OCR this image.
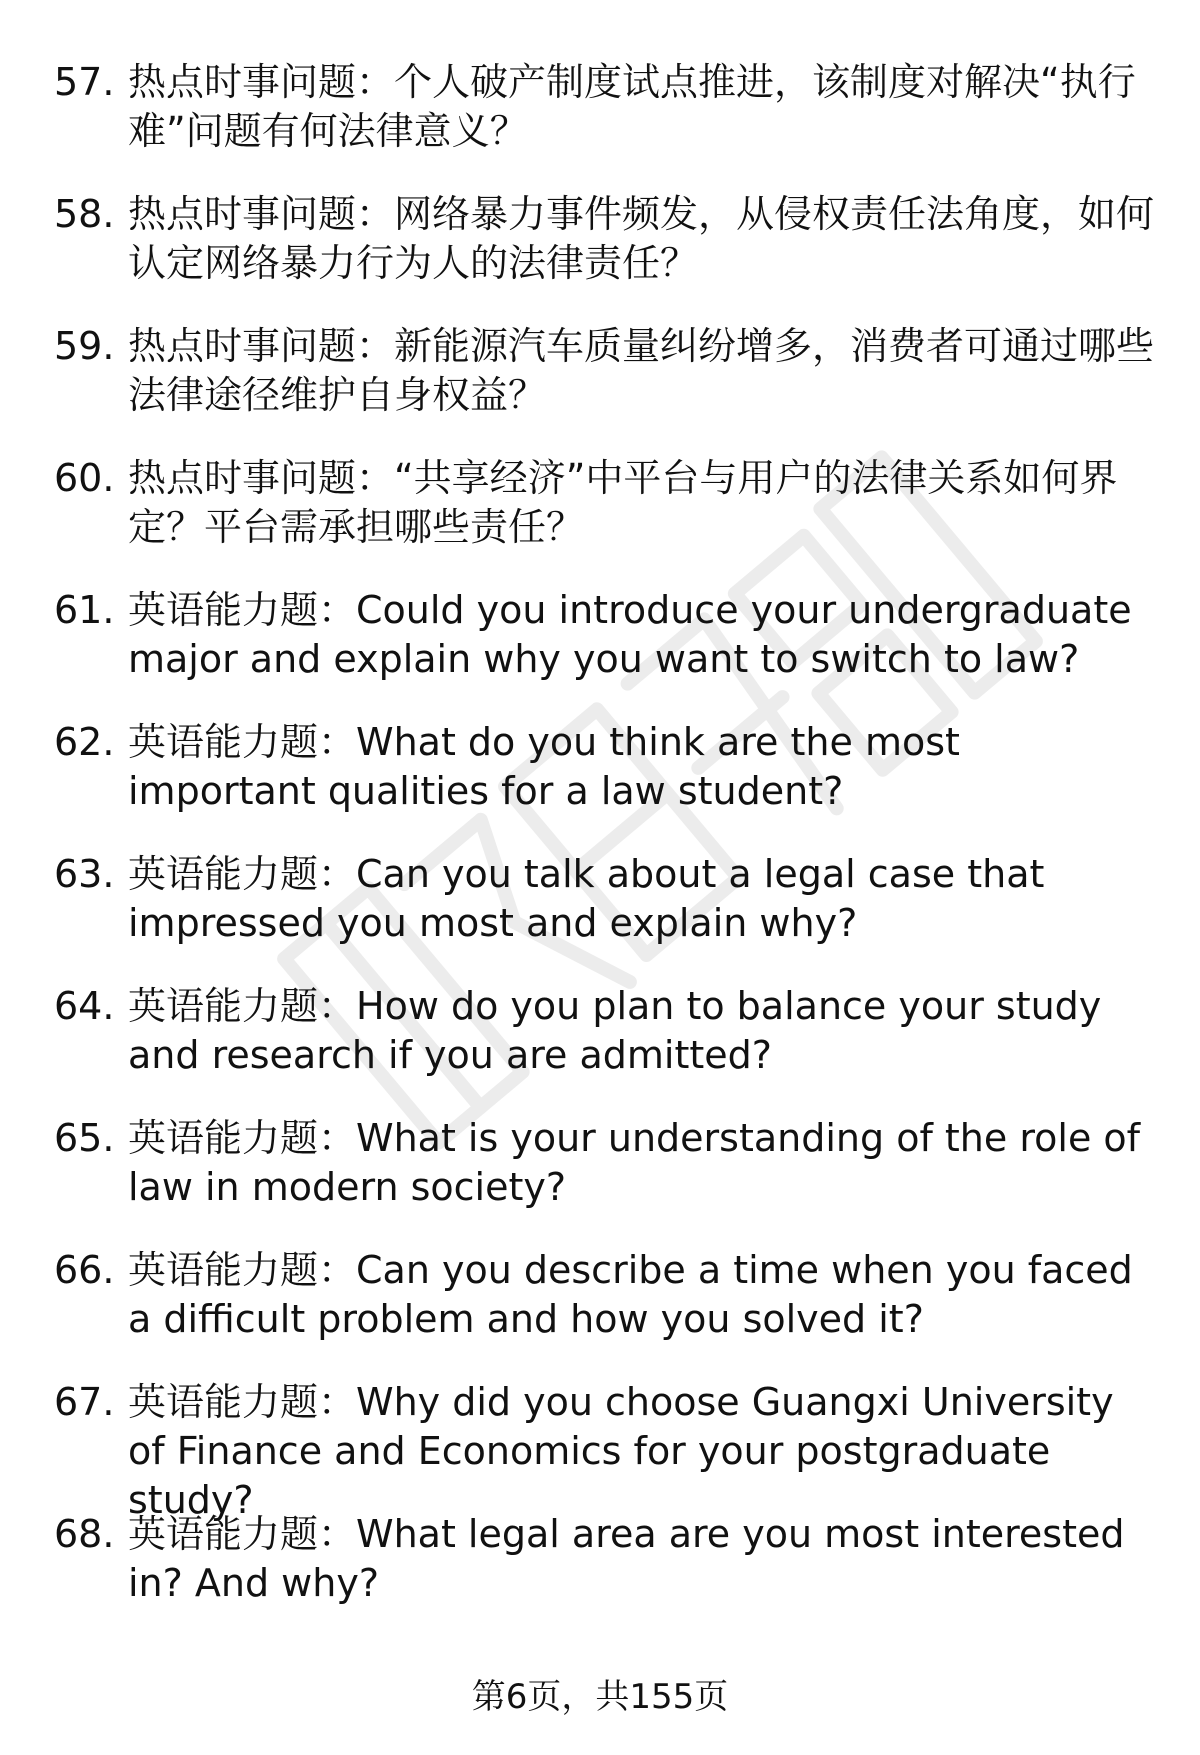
57. 热点时事问题：个人破产制度试点推进，该制度对解决“执行难”问题有何法律意义？
58. 热点时事问题：网络暴力事件频发，从侵权责任法角度，如何认定网络暴力行为人的法律责任？
59. 热点时事问题：新能源汽车质量纠纷增多，消费者可通过哪些法律途径维护自身权益？
60. 热点时事问题：“共享经济”中平台与用户的法律关系如何界定？平台需承担哪些责任？
61. 英语能力题：Could you introduce your undergraduate major and explain why you want to switch to law?
62. 英语能力题：What do you think are the most important qualities for a law student?
63. 英语能力题：Can you talk about a legal case that impressed you most and explain why?
64. 英语能力题：How do you plan to balance your study and research if you are admitted?
65. 英语能力题：What is your understanding of the role of law in modern society?
66. 英语能力题：Can you describe a time when you faced a difficult problem and how you solved it?
67. 英语能力题：Why did you choose Guangxi University of Finance and Economics for your postgraduate study?
68. 英语能力题：What legal area are you most interested in? And why?
第6页，共155页
